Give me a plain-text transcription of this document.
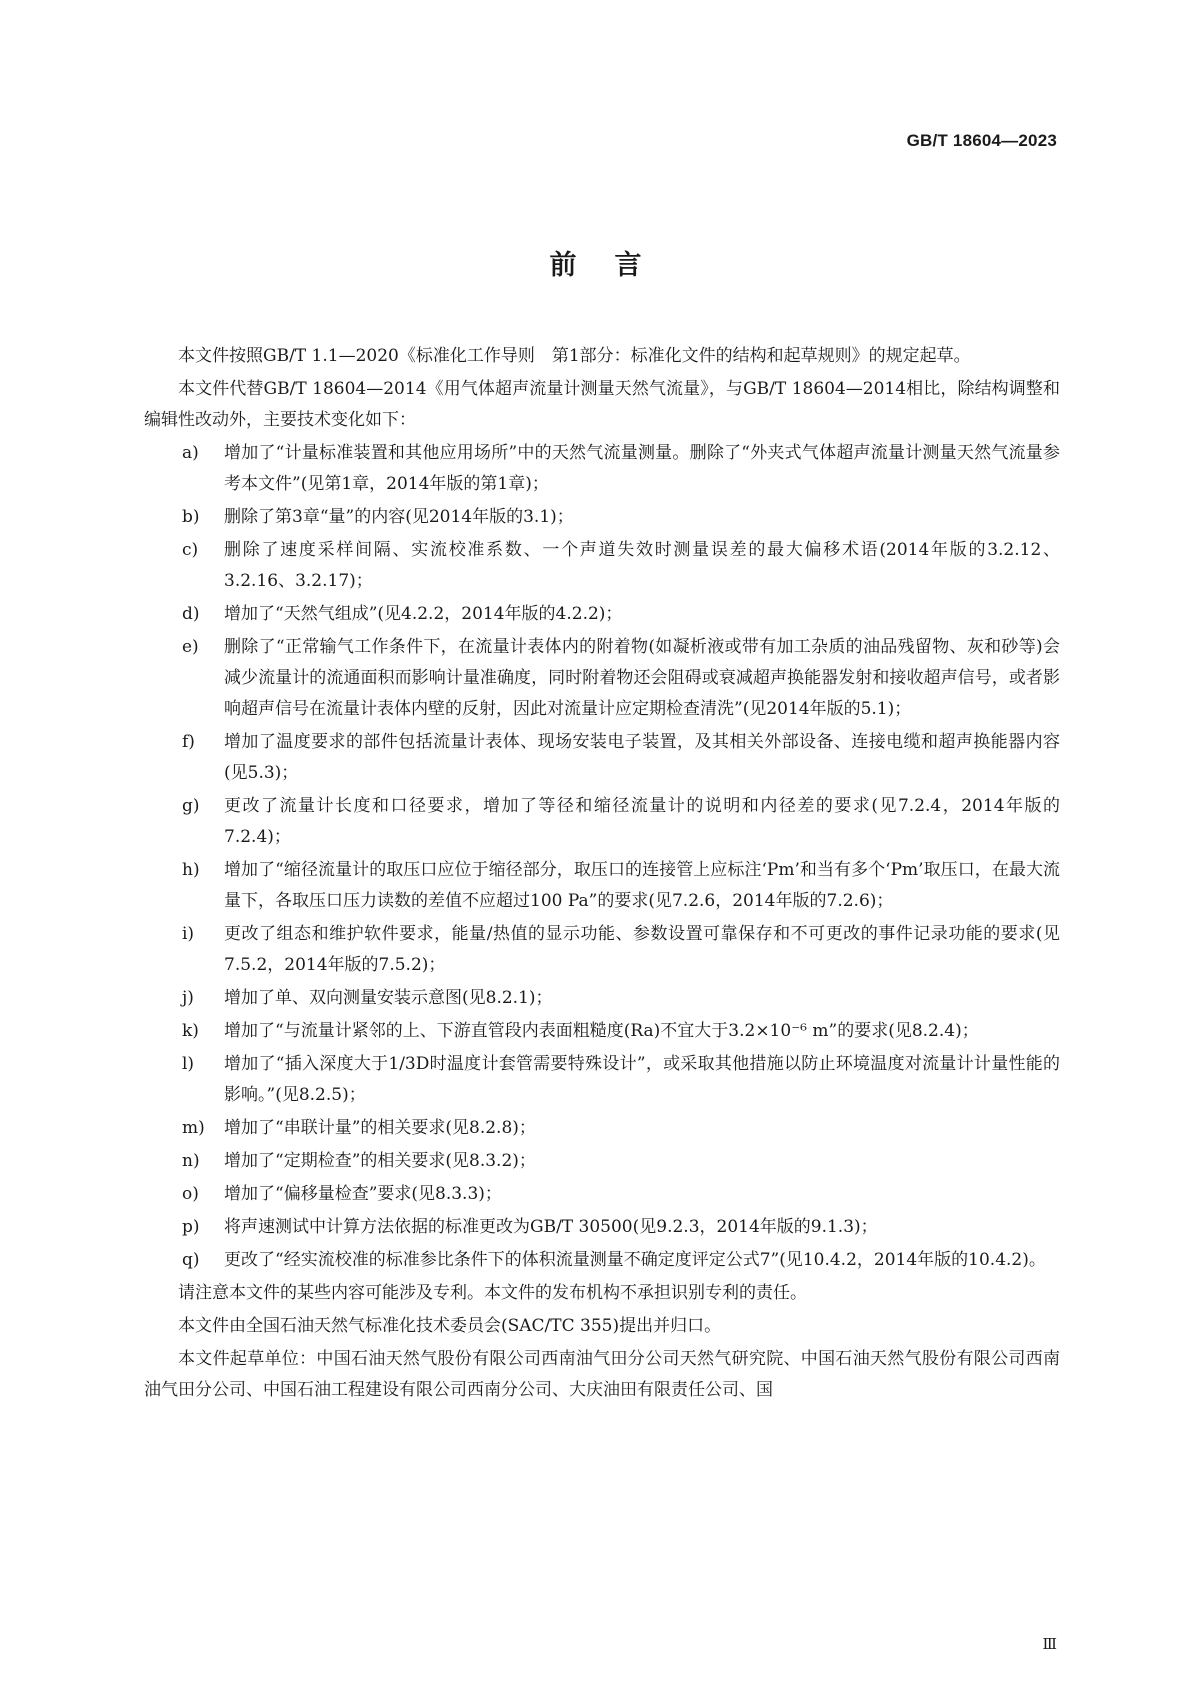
GB/T 18604—2023
前言

本文件按照GB/T 1.1—2020《标准化工作导则　第1部分：标准化文件的结构和起草规则》的规定起草。

本文件代替GB/T 18604—2014《用气体超声流量计测量天然气流量》，与GB/T 18604—2014相比，除结构调整和编辑性改动外，主要技术变化如下：

a) 增加了“计量标准装置和其他应用场所”中的天然气流量测量。删除了“外夹式气体超声流量计测量天然气流量参考本文件”(见第1章，2014年版的第1章)；
b) 删除了第3章“量”的内容(见2014年版的3.1)；
c) 删除了速度采样间隔、实流校准系数、一个声道失效时测量误差的最大偏移术语(2014年版的3.2.12、3.2.16、3.2.17)；
d) 增加了“天然气组成”(见4.2.2，2014年版的4.2.2)；
e) 删除了“正常输气工作条件下，在流量计表体内的附着物(如凝析液或带有加工杂质的油品残留物、灰和砂等)会减少流量计的流通面积而影响计量准确度，同时附着物还会阻碍或衰减超声换能器发射和接收超声信号，或者影响超声信号在流量计表体内壁的反射，因此对流量计应定期检查清洗”(见2014年版的5.1)；
f) 增加了温度要求的部件包括流量计表体、现场安装电子装置，及其相关外部设备、连接电缆和超声换能器内容(见5.3)；
g) 更改了流量计长度和口径要求，增加了等径和缩径流量计的说明和内径差的要求(见7.2.4，2014年版的7.2.4)；
h) 增加了“缩径流量计的取压口应位于缩径部分，取压口的连接管上应标注‘Pm’和当有多个‘Pm’取压口，在最大流量下，各取压口压力读数的差值不应超过100 Pa”的要求(见7.2.6，2014年版的7.2.6)；
i) 更改了组态和维护软件要求，能量/热值的显示功能、参数设置可靠保存和不可更改的事件记录功能的要求(见7.5.2，2014年版的7.5.2)；
j) 增加了单、双向测量安装示意图(见8.2.1)；
k) 增加了“与流量计紧邻的上、下游直管段内表面粗糙度(Ra)不宜大于3.2×10⁻⁶ m”的要求(见8.2.4)；
l) 增加了“插入深度大于1/3D时温度计套管需要特殊设计”，或采取其他措施以防止环境温度对流量计计量性能的影响。”(见8.2.5)；
m) 增加了“串联计量”的相关要求(见8.2.8)；
n) 增加了“定期检查”的相关要求(见8.3.2)；
o) 增加了“偏移量检查”要求(见8.3.3)；
p) 将声速测试中计算方法依据的标准更改为GB/T 30500(见9.2.3，2014年版的9.1.3)；
q) 更改了“经实流校准的标准参比条件下的体积流量测量不确定度评定公式7”(见10.4.2，2014年版的10.4.2)。

请注意本文件的某些内容可能涉及专利。本文件的发布机构不承担识别专利的责任。

本文件由全国石油天然气标准化技术委员会(SAC/TC 355)提出并归口。

本文件起草单位：中国石油天然气股份有限公司西南油气田分公司天然气研究院、中国石油天然气股份有限公司西南油气田分公司、中国石油工程建设有限公司西南分公司、大庆油田有限责任公司、国

Ⅲ
